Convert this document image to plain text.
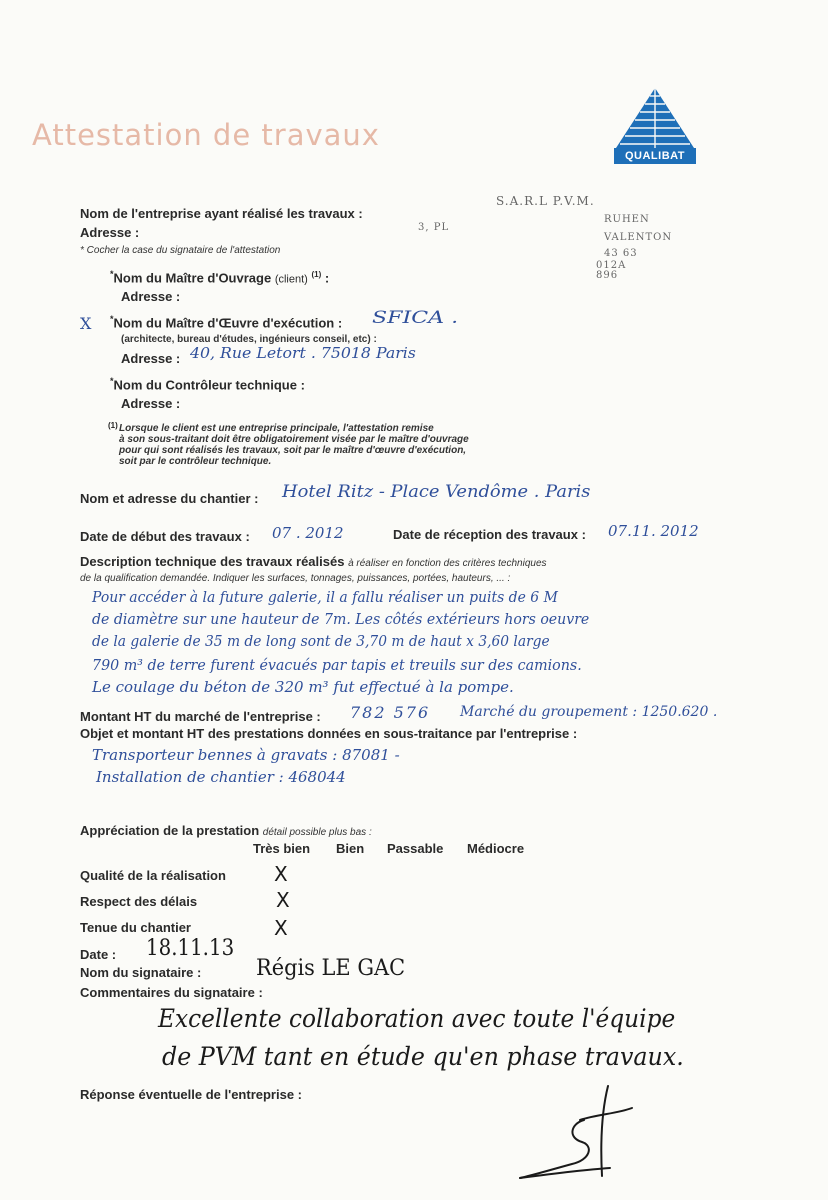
Attestation de travaux
QUALIBAT
S.A.R.L P.V.M.
RUHEN
3, PL
VALENTON
43 63
012A
896
Nom de l'entreprise ayant réalisé les travaux :
Adresse :
* Cocher la case du signataire de l'attestation
*Nom du Maître d'Ouvrage (client) $^{(1)}$ :
Adresse :
X *Nom du Maître d'Œuvre d'exécution : SFICA .
(architecte, bureau d'études, ingénieurs conseil, etc) :
Adresse : 40, Rue Letort . 75018 Paris
*Nom du Contrôleur technique :
Adresse :
(1) Lorsque le client est une entreprise principale, l'attestation remise
à son sous-traitant doit être obligatoirement visée par le maître d'ouvrage
pour qui sont réalisés les travaux, soit par le maître d'œuvre d'exécution,
soit par le contrôleur technique.
Nom et adresse du chantier : Hotel Ritz - Place Vendôme . Paris
Date de début des travaux : 07 . 2012	Date de réception des travaux : 07.11. 2012
Description technique des travaux réalisés à réaliser en fonction des critères techniques
de la qualification demandée. Indiquer les surfaces, tonnages, puissances, portées, hauteurs, ... :
Pour accéder à la future galerie, il a fallu réaliser un puits de 6 M
de diamètre sur une hauteur de 7m. Les côtés extérieurs hors oeuvre
de la galerie de 35 m de long sont de 3,70 m de haut x 3,60 large
790 m³ de terre furent évacués par tapis et treuils sur des camions.
Le coulage du béton de 320 m³ fut effectué à la pompe.
Montant HT du marché de l'entreprise : 782 576 Marché du groupement : 1250.620 .
Objet et montant HT des prestations données en sous-traitance par l'entreprise :
Transporteur bennes à gravats : 87081 -
Installation de chantier : 468044
Appréciation de la prestation détail possible plus bas :
Très bien Bien Passable Médiocre
Qualité de la réalisation X
Respect des délais	X
Tenue du chantier	X
Date : 18.11.13
Nom du signataire : Régis LE GAC
Commentaires du signataire :
Excellente collaboration avec toute l'équipe
de PVM tant en étude qu'en phase travaux.
Réponse éventuelle de l'entreprise :
